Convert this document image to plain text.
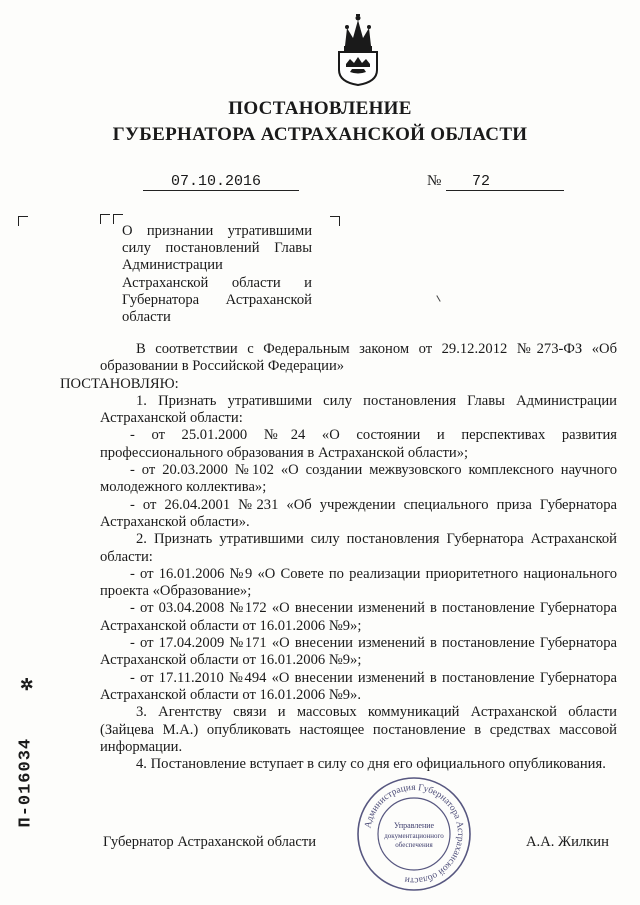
ПОСТАНОВЛЕНИЕ
ГУБЕРНАТОРА АСТРАХАНСКОЙ ОБЛАСТИ
07.10.2016	№ 72
О признании утратившими силу постановлений Главы Администрации Астраханской области и Губернатора Астраханской области

В соответствии с Федеральным законом от 29.12.2012 №273-ФЗ «Об образовании в Российской Федерации»

ПОСТАНОВЛЯЮ:

1. Признать утратившими силу постановления Главы Администрации Астраханской области:

- от 25.01.2000 №24 «О состоянии и перспективах развития профессионального образования в Астраханской области»;

- от 20.03.2000 №102 «О создании межвузовского комплексного научного молодежного коллектива»;

- от 26.04.2001 №231 «Об учреждении специального приза Губернатора Астраханской области».

2. Признать утратившими силу постановления Губернатора Астраханской области:

- от 16.01.2006 №9 «О Совете по реализации приоритетного национального проекта «Образование»;

- от 03.04.2008 №172 «О внесении изменений в постановление Губернатора Астраханской области от 16.01.2006 №9»;

- от 17.04.2009 №171 «О внесении изменений в постановление Губернатора Астраханской области от 16.01.2006 №9»;

- от 17.11.2010 №494 «О внесении изменений в постановление Губернатора Астраханской области от 16.01.2006 №9».

3. Агентству связи и массовых коммуникаций Астраханской области (Зайцева М.А.) опубликовать настоящее постановление в средствах массовой информации.

4. Постановление вступает в силу со дня его официального опубликования.

П-016034
✲
Губернатор Астраханской области	А.А. Жилкин
Администрация Губернатора Астраханской области
Управление
документационного
обеспечения
